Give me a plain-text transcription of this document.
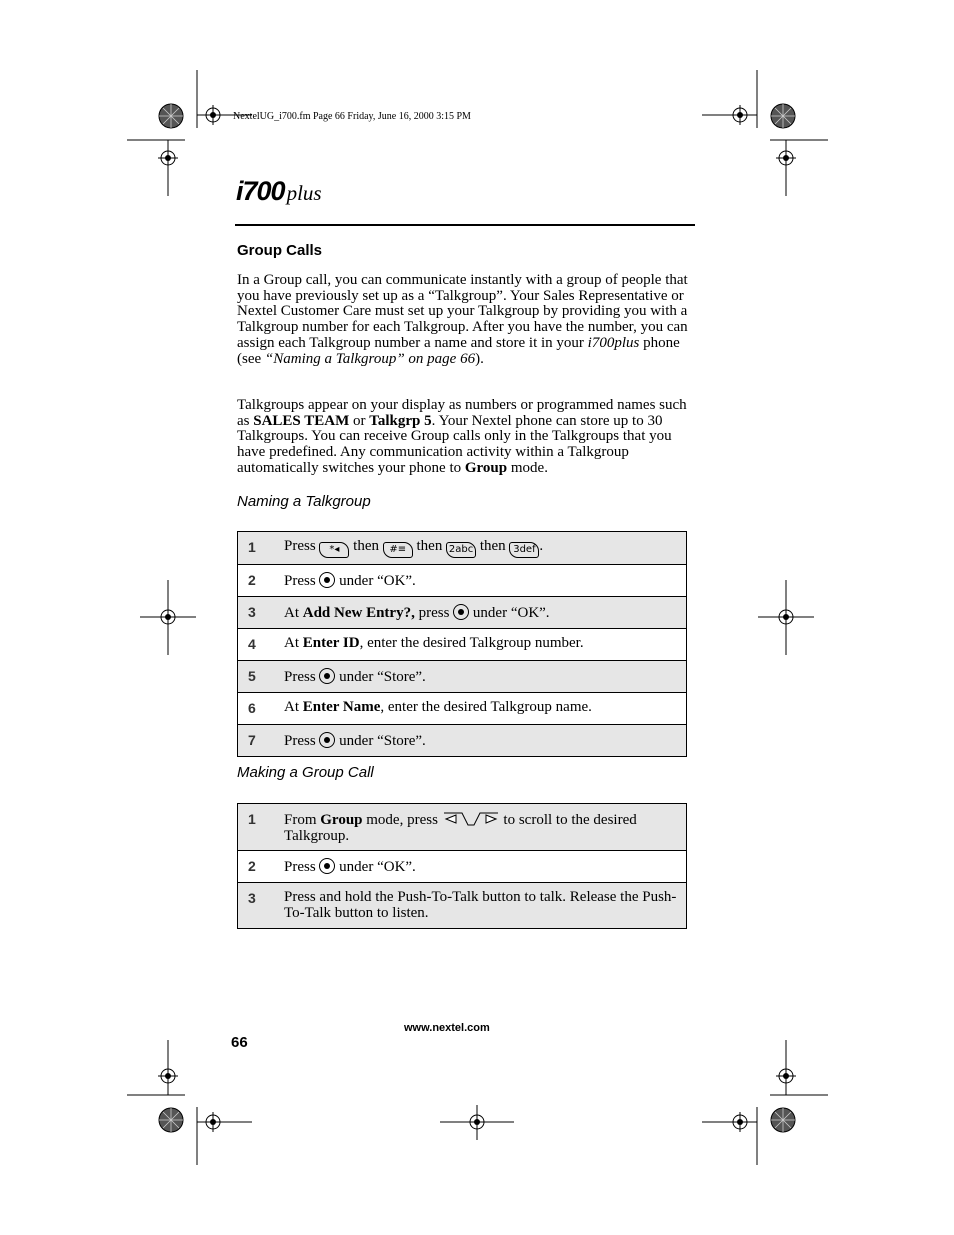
NextelUG_i700.fm Page 66 Friday, June 16, 2000 3:15 PM
i700plus
Group Calls
In a Group call, you can communicate instantly with a group of people that you have previously set up as a “Talkgroup”. Your Sales Representative or Nextel Customer Care must set up your Talkgroup by providing you with a Talkgroup number for each Talkgroup. After you have the number, you can assign each Talkgroup number a name and store it in your i700plus phone (see “Naming a Talkgroup” on page 66).
Talkgroups appear on your display as numbers or programmed names such as SALES TEAM or Talkgrp 5. Your Nextel phone can store up to 30 Talkgroups. You can receive Group calls only in the Talkgroups that you have predefined. Any communication activity within a Talkgroup automatically switches your phone to Group mode.
Naming a Talkgroup
1	Press *◂ then #≡ then 2abc then 3def .

2	Press under “OK”.

3	At Add New Entry?, press under “OK”.

4	At Enter ID, enter the desired Talkgroup number.

5	Press under “Store”.

6	At Enter Name, enter the desired Talkgroup name.

7	Press under “Store”.
Making a Group Call
1	From Group mode, press to scroll to the desired Talkgroup.

2	Press under “OK”.

3	Press and hold the Push-To-Talk button to talk. Release the Push-To-Talk button to listen.
www.nextel.com
66
